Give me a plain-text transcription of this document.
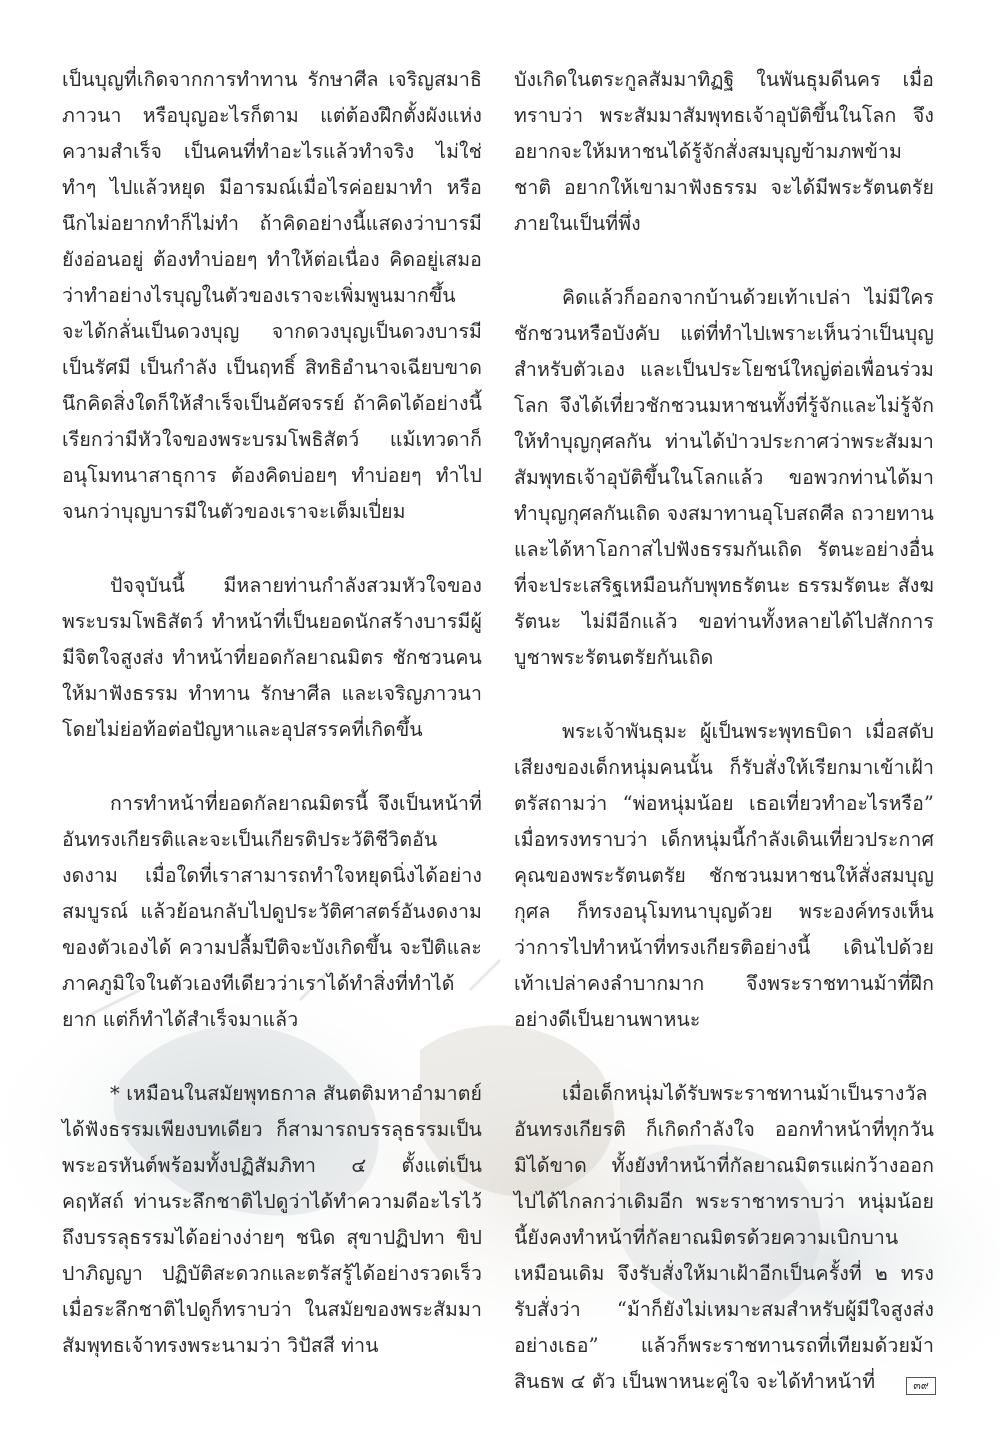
เป็นบุญที่เกิดจากการทำทาน รักษาศีล เจริญสมาธิภาวนา หรือบุญอะไรก็ตาม แต่ต้องฝึกตั้งผังแห่งความสำเร็จ เป็นคนที่ทำอะไรแล้วทำจริง ไม่ใช่ทำๆ ไปแล้วหยุด มีอารมณ์เมื่อไรค่อยมาทำ หรือนึกไม่อยากทำก็ไม่ทำ ถ้าคิดอย่างนี้แสดงว่าบารมียังอ่อนอยู่ ต้องทำบ่อยๆ ทำให้ต่อเนื่อง คิดอยู่เสมอว่าทำอย่างไรบุญในตัวของเราจะเพิ่มพูนมากขึ้น จะได้กลั่นเป็นดวงบุญ จากดวงบุญเป็นดวงบารมี เป็นรัศมี เป็นกำลัง เป็นฤทธิ์ สิทธิอำนาจเฉียบขาด นึกคิดสิ่งใดก็ให้สำเร็จเป็นอัศจรรย์ ถ้าคิดได้อย่างนี้เรียกว่ามีหัวใจของพระบรมโพธิสัตว์ แม้เทวดาก็อนุโมทนาสาธุการ ต้องคิดบ่อยๆ ทำบ่อยๆ ทำไปจนกว่าบุญบารมีในตัวของเราจะเต็มเปี่ยม

ปัจจุบันนี้ มีหลายท่านกำลังสวมหัวใจของพระบรมโพธิสัตว์ ทำหน้าที่เป็นยอดนักสร้างบารมีผู้มีจิตใจสูงส่ง ทำหน้าที่ยอดกัลยาณมิตร ชักชวนคนให้มาฟังธรรม ทำทาน รักษาศีล และเจริญภาวนา โดยไม่ย่อท้อต่อปัญหาและอุปสรรคที่เกิดขึ้น

การทำหน้าที่ยอดกัลยาณมิตรนี้ จึงเป็นหน้าที่อันทรงเกียรติและจะเป็นเกียรติประวัติชีวิตอันงดงาม เมื่อใดที่เราสามารถทำใจหยุดนิ่งได้อย่างสมบูรณ์ แล้วย้อนกลับไปดูประวัติศาสตร์อันงดงามของตัวเองได้ ความปลื้มปีติจะบังเกิดขึ้น จะปีติและภาคภูมิใจในตัวเองทีเดียวว่าเราได้ทำสิ่งที่ทำได้ยาก แต่ก็ทำได้สำเร็จมาแล้ว

* เหมือนในสมัยพุทธกาล สันตติมหาอำมาตย์ได้ฟังธรรมเพียงบทเดียว ก็สามารถบรรลุธรรมเป็นพระอรหันต์พร้อมทั้งปฏิสัมภิทา ๔ ตั้งแต่เป็นคฤหัสถ์ ท่านระลึกชาติไปดูว่าได้ทำความดีอะไรไว้ถึงบรรลุธรรมได้อย่างง่ายๆ ชนิด สุขาปฏิปทา ขิปปาภิญญา ปฏิบัติสะดวกและตรัสรู้ได้อย่างรวดเร็ว เมื่อระลึกชาติไปดูก็ทราบว่า ในสมัยของพระสัมมาสัมพุทธเจ้าทรงพระนามว่า วิปัสสี ท่าน

บังเกิดในตระกูลสัมมาทิฏฐิ ในพันธุมดีนคร เมื่อทราบว่า พระสัมมาสัมพุทธเจ้าอุบัติขึ้นในโลก จึงอยากจะให้มหาชนได้รู้จักสั่งสมบุญข้ามภพข้ามชาติ อยากให้เขามาฟังธรรม จะได้มีพระรัตนตรัยภายในเป็นที่พึ่ง

คิดแล้วก็ออกจากบ้านด้วยเท้าเปล่า ไม่มีใครชักชวนหรือบังคับ แต่ที่ทำไปเพราะเห็นว่าเป็นบุญสำหรับตัวเอง และเป็นประโยชน์ใหญ่ต่อเพื่อนร่วมโลก จึงได้เที่ยวชักชวนมหาชนทั้งที่รู้จักและไม่รู้จักให้ทำบุญกุศลกัน ท่านได้ป่าวประกาศว่าพระสัมมาสัมพุทธเจ้าอุบัติขึ้นในโลกแล้ว ขอพวกท่านได้มาทำบุญกุศลกันเถิด จงสมาทานอุโบสถศีล ถวายทาน และได้หาโอกาสไปฟังธรรมกันเถิด รัตนะอย่างอื่นที่จะประเสริฐเหมือนกับพุทธรัตนะ ธรรมรัตนะ สังฆรัตนะ ไม่มีอีกแล้ว ขอท่านทั้งหลายได้ไปสักการบูชาพระรัตนตรัยกันเถิด

พระเจ้าพันธุมะ ผู้เป็นพระพุทธบิดา เมื่อสดับเสียงของเด็กหนุ่มคนนั้น ก็รับสั่งให้เรียกมาเข้าเฝ้าตรัสถามว่า “พ่อหนุ่มน้อย เธอเที่ยวทำอะไรหรือ” เมื่อทรงทราบว่า เด็กหนุ่มนี้กำลังเดินเที่ยวประกาศคุณของพระรัตนตรัย ชักชวนมหาชนให้สั่งสมบุญกุศล ก็ทรงอนุโมทนาบุญด้วย พระองค์ทรงเห็นว่าการไปทำหน้าที่ทรงเกียรติอย่างนี้ เดินไปด้วยเท้าเปล่าคงลำบากมาก จึงพระราชทานม้าที่ฝึกอย่างดีเป็นยานพาหนะ

เมื่อเด็กหนุ่มได้รับพระราชทานม้าเป็นรางวัลอันทรงเกียรติ ก็เกิดกำลังใจ ออกทำหน้าที่ทุกวันมิได้ขาด ทั้งยังทำหน้าที่กัลยาณมิตรแผ่กว้างออกไปได้ไกลกว่าเดิมอีก พระราชาทราบว่า หนุ่มน้อยนี้ยังคงทำหน้าที่กัลยาณมิตรด้วยความเบิกบานเหมือนเดิม จึงรับสั่งให้มาเฝ้าอีกเป็นครั้งที่ ๒ ทรงรับสั่งว่า “ม้าก็ยังไม่เหมาะสมสำหรับผู้มีใจสูงส่งอย่างเธอ” แล้วก็พระราชทานรถที่เทียมด้วยม้าสินธพ ๔ ตัว เป็นพาหนะคู่ใจ จะได้ทำหน้าที่	๓๙
